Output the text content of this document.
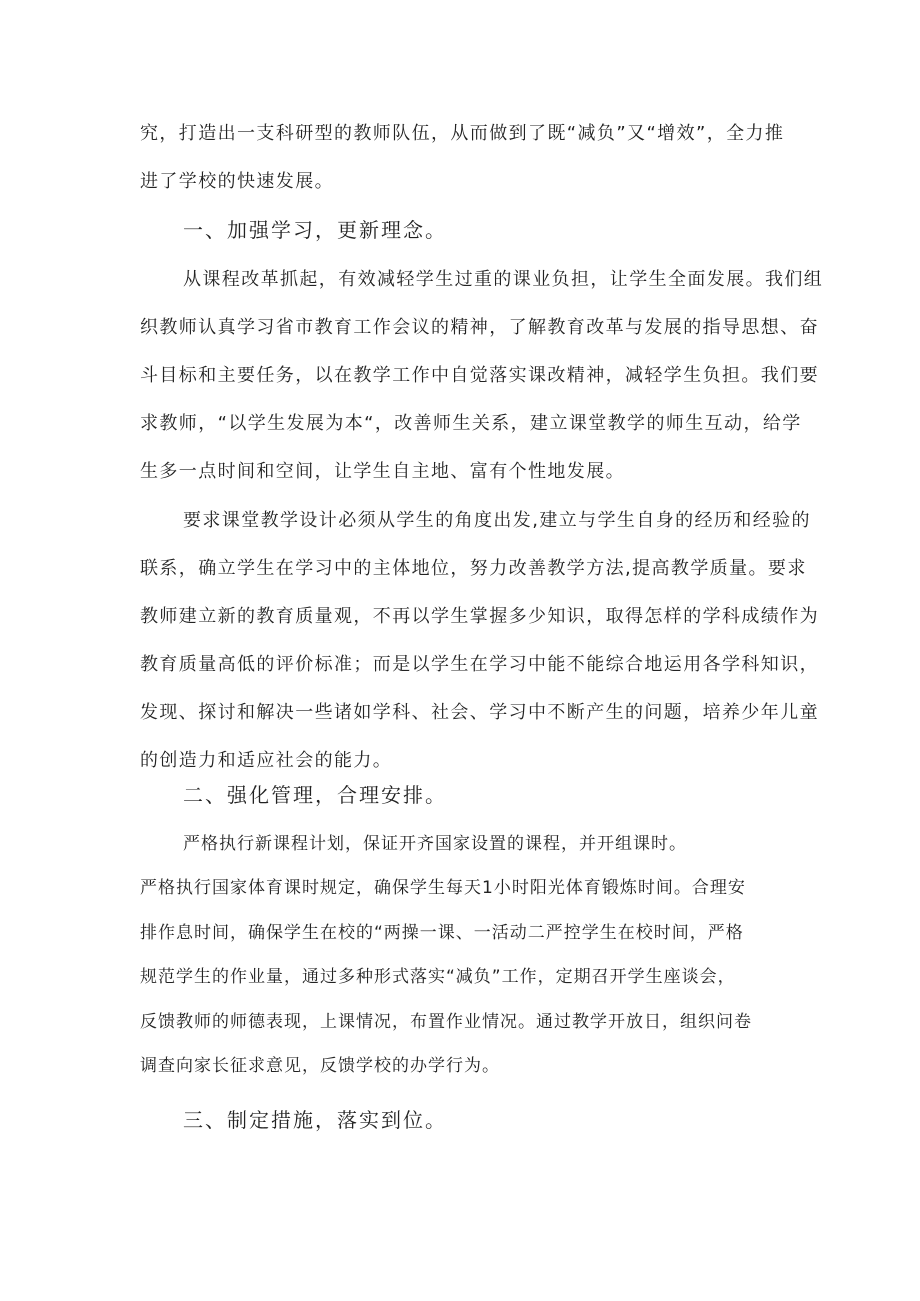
究，打造出一支科研型的教师队伍，从而做到了既“减负”又“增效”，全力推
进了学校的快速发展。
一、加强学习，更新理念。
从课程改革抓起，有效减轻学生过重的课业负担，让学生全面发展。我们组
织教师认真学习省市教育工作会议的精神，了解教育改革与发展的指导思想、奋
斗目标和主要任务，以在教学工作中自觉落实课改精神，减轻学生负担。我们要
求教师，“以学生发展为本“，改善师生关系，建立课堂教学的师生互动，给学
生多一点时间和空间，让学生自主地、富有个性地发展。
要求课堂教学设计必须从学生的角度出发,建立与学生自身的经历和经验的
联系，确立学生在学习中的主体地位，努力改善教学方法,提高教学质量。要求
教师建立新的教育质量观，不再以学生掌握多少知识，取得怎样的学科成绩作为
教育质量高低的评价标准；而是以学生在学习中能不能综合地运用各学科知识，
发现、探讨和解决一些诸如学科、社会、学习中不断产生的问题，培养少年儿童
的创造力和适应社会的能力。
二、强化管理，合理安排。
严格执行新课程计划，保证开齐国家设置的课程，并开组课时。
严格执行国家体育课时规定，确保学生每天1小时阳光体育锻炼时间。合理安
排作息时间，确保学生在校的“两操一课、一活动二严控学生在校时间，严格
规范学生的作业量，通过多种形式落实“减负”工作，定期召开学生座谈会，
反馈教师的师德表现，上课情况，布置作业情况。通过教学开放日，组织问卷
调查向家长征求意见，反馈学校的办学行为。
三、制定措施，落实到位。
